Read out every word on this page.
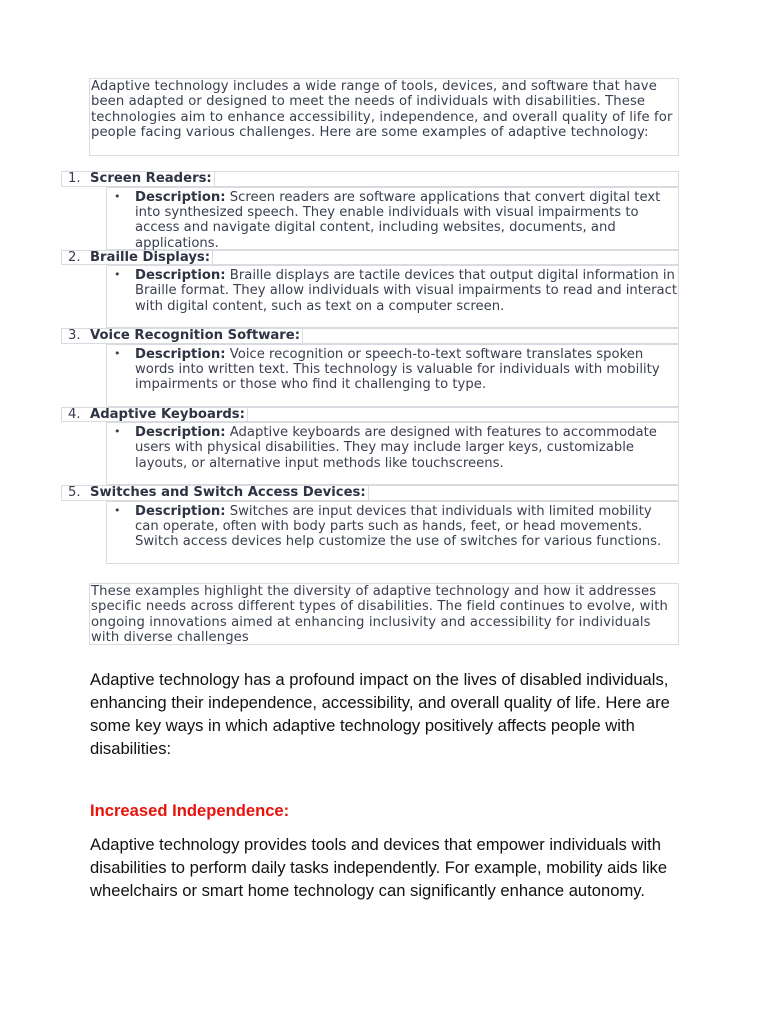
Adaptive technology includes a wide range of tools, devices, and software that have been adapted or designed to meet the needs of individuals with disabilities. These technologies aim to enhance accessibility, independence, and overall quality of life for people facing various challenges. Here are some examples of adaptive technology:
1. Screen Readers:
• Description: Screen readers are software applications that convert digital text into synthesized speech. They enable individuals with visual impairments to access and navigate digital content, including websites, documents, and applications.
2. Braille Displays:
• Description: Braille displays are tactile devices that output digital information in Braille format. They allow individuals with visual impairments to read and interact with digital content, such as text on a computer screen.
3. Voice Recognition Software:
• Description: Voice recognition or speech-to-text software translates spoken words into written text. This technology is valuable for individuals with mobility impairments or those who find it challenging to type.
4. Adaptive Keyboards:
• Description: Adaptive keyboards are designed with features to accommodate users with physical disabilities. They may include larger keys, customizable layouts, or alternative input methods like touchscreens.
5. Switches and Switch Access Devices:
• Description: Switches are input devices that individuals with limited mobility can operate, often with body parts such as hands, feet, or head movements. Switch access devices help customize the use of switches for various functions.
These examples highlight the diversity of adaptive technology and how it addresses specific needs across different types of disabilities. The field continues to evolve, with ongoing innovations aimed at enhancing inclusivity and accessibility for individuals with diverse challenges

Adaptive technology has a profound impact on the lives of disabled individuals, enhancing their independence, accessibility, and overall quality of life. Here are some key ways in which adaptive technology positively affects people with disabilities:

Increased Independence:

Adaptive technology provides tools and devices that empower individuals with disabilities to perform daily tasks independently. For example, mobility aids like wheelchairs or smart home technology can significantly enhance autonomy.
